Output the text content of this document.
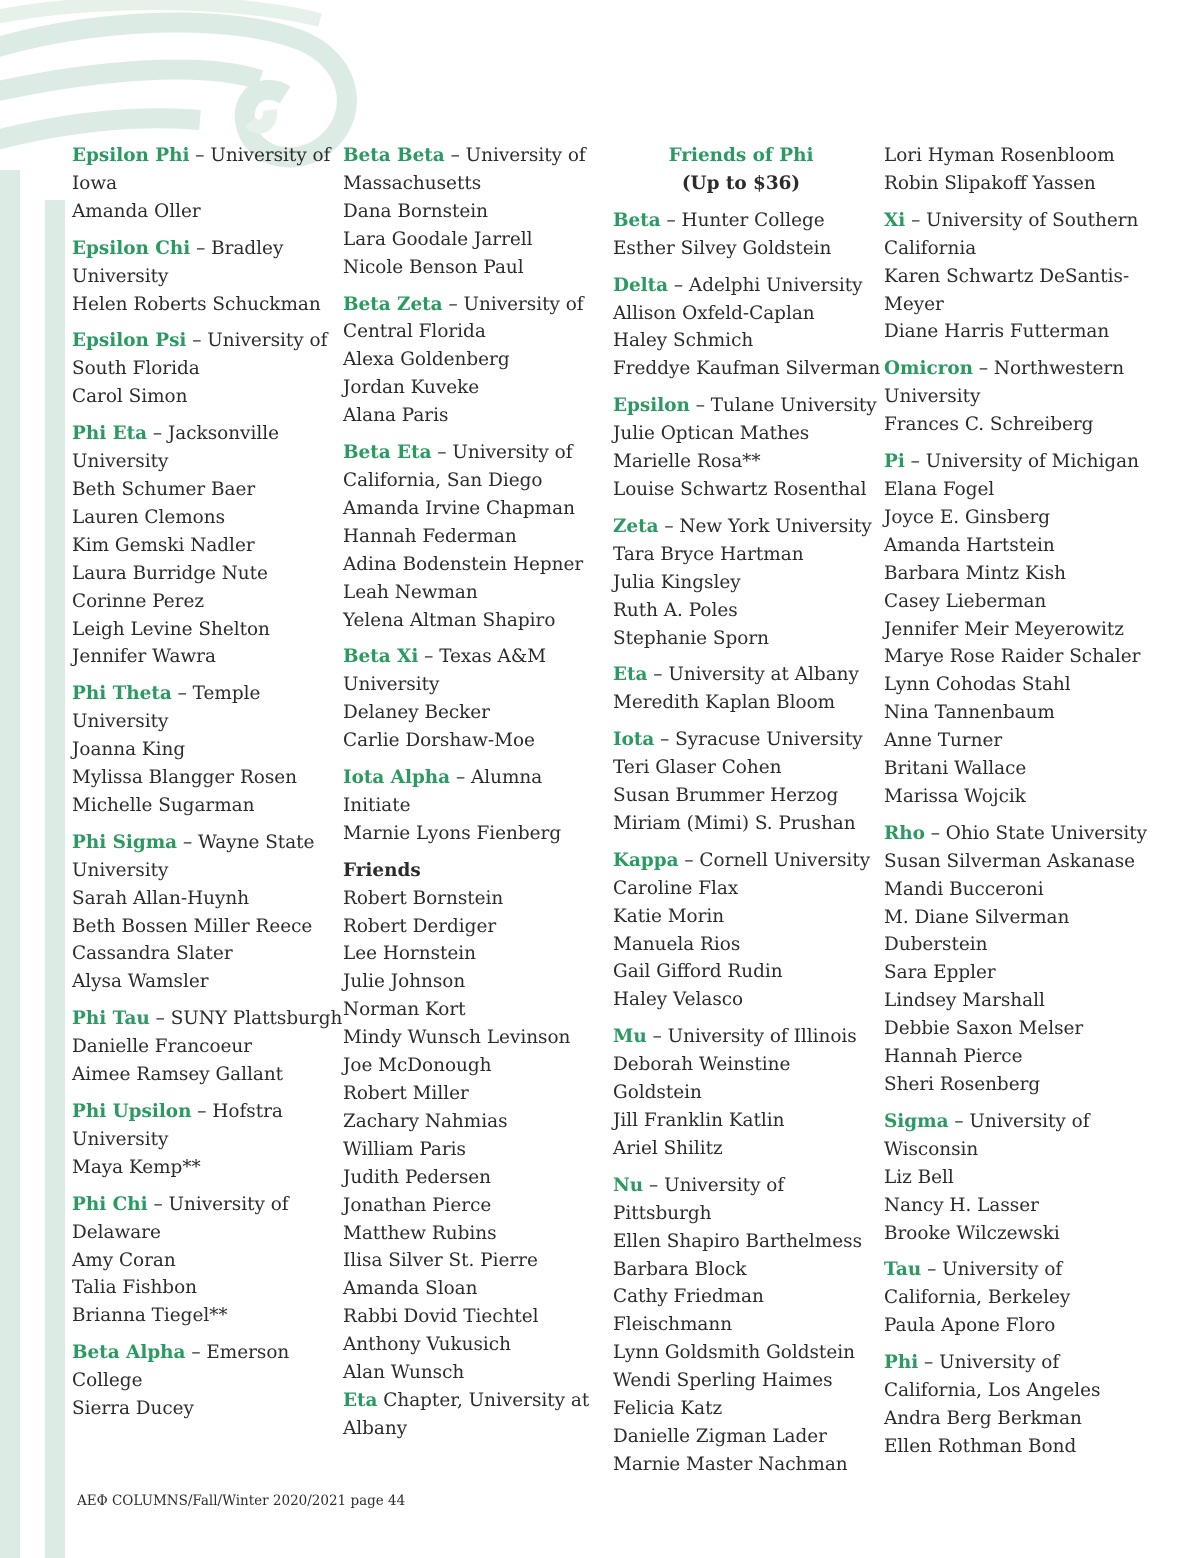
Epsilon Phi – University of
Iowa
Amanda Oller
Epsilon Chi – Bradley
University
Helen Roberts Schuckman
Epsilon Psi – University of
South Florida
Carol Simon
Phi Eta – Jacksonville
University
Beth Schumer Baer
Lauren Clemons
Kim Gemski Nadler
Laura Burridge Nute
Corinne Perez
Leigh Levine Shelton
Jennifer Wawra
Phi Theta – Temple
University
Joanna King
Mylissa Blangger Rosen
Michelle Sugarman
Phi Sigma – Wayne State
University
Sarah Allan-Huynh
Beth Bossen Miller Reece
Cassandra Slater
Alysa Wamsler
Phi Tau – SUNY Plattsburgh
Danielle Francoeur
Aimee Ramsey Gallant
Phi Upsilon – Hofstra
University
Maya Kemp**
Phi Chi – University of
Delaware
Amy Coran
Talia Fishbon
Brianna Tiegel**
Beta Alpha – Emerson
College
Sierra Ducey
Beta Beta – University of
Massachusetts
Dana Bornstein
Lara Goodale Jarrell
Nicole Benson Paul
Beta Zeta – University of
Central Florida
Alexa Goldenberg
Jordan Kuveke
Alana Paris
Beta Eta – University of
California, San Diego
Amanda Irvine Chapman
Hannah Federman
Adina Bodenstein Hepner
Leah Newman
Yelena Altman Shapiro
Beta Xi – Texas A&M
University
Delaney Becker
Carlie Dorshaw-Moe
Iota Alpha – Alumna
Initiate
Marnie Lyons Fienberg
Friends
Robert Bornstein
Robert Derdiger
Lee Hornstein
Julie Johnson
Norman Kort
Mindy Wunsch Levinson
Joe McDonough
Robert Miller
Zachary Nahmias
William Paris
Judith Pedersen
Jonathan Pierce
Matthew Rubins
Ilisa Silver St. Pierre
Amanda Sloan
Rabbi Dovid Tiechtel
Anthony Vukusich
Alan Wunsch
Eta Chapter, University at
Albany
Friends of Phi
(Up to $36)
Beta – Hunter College
Esther Silvey Goldstein
Delta – Adelphi University
Allison Oxfeld-Caplan
Haley Schmich
Freddye Kaufman Silverman
Epsilon – Tulane University
Julie Optican Mathes
Marielle Rosa**
Louise Schwartz Rosenthal
Zeta – New York University
Tara Bryce Hartman
Julia Kingsley
Ruth A. Poles
Stephanie Sporn
Eta – University at Albany
Meredith Kaplan Bloom
Iota – Syracuse University
Teri Glaser Cohen
Susan Brummer Herzog
Miriam (Mimi) S. Prushan
Kappa – Cornell University
Caroline Flax
Katie Morin
Manuela Rios
Gail Gifford Rudin
Haley Velasco
Mu – University of Illinois
Deborah Weinstine
Goldstein
Jill Franklin Katlin
Ariel Shilitz
Nu – University of
Pittsburgh
Ellen Shapiro Barthelmess
Barbara Block
Cathy Friedman
Fleischmann
Lynn Goldsmith Goldstein
Wendi Sperling Haimes
Felicia Katz
Danielle Zigman Lader
Marnie Master Nachman
Lori Hyman Rosenbloom
Robin Slipakoff Yassen
Xi – University of Southern
California
Karen Schwartz DeSantis-
Meyer
Diane Harris Futterman
Omicron – Northwestern
University
Frances C. Schreiberg
Pi – University of Michigan
Elana Fogel
Joyce E. Ginsberg
Amanda Hartstein
Barbara Mintz Kish
Casey Lieberman
Jennifer Meir Meyerowitz
Marye Rose Raider Schaler
Lynn Cohodas Stahl
Nina Tannenbaum
Anne Turner
Britani Wallace
Marissa Wojcik
Rho – Ohio State University
Susan Silverman Askanase
Mandi Bucceroni
M. Diane Silverman
Duberstein
Sara Eppler
Lindsey Marshall
Debbie Saxon Melser
Hannah Pierce
Sheri Rosenberg
Sigma – University of
Wisconsin
Liz Bell
Nancy H. Lasser
Brooke Wilczewski
Tau – University of
California, Berkeley
Paula Apone Floro
Phi – University of
California, Los Angeles
Andra Berg Berkman
Ellen Rothman Bond
ΑΕΦ COLUMNS/Fall/Winter 2020/2021 page 44
